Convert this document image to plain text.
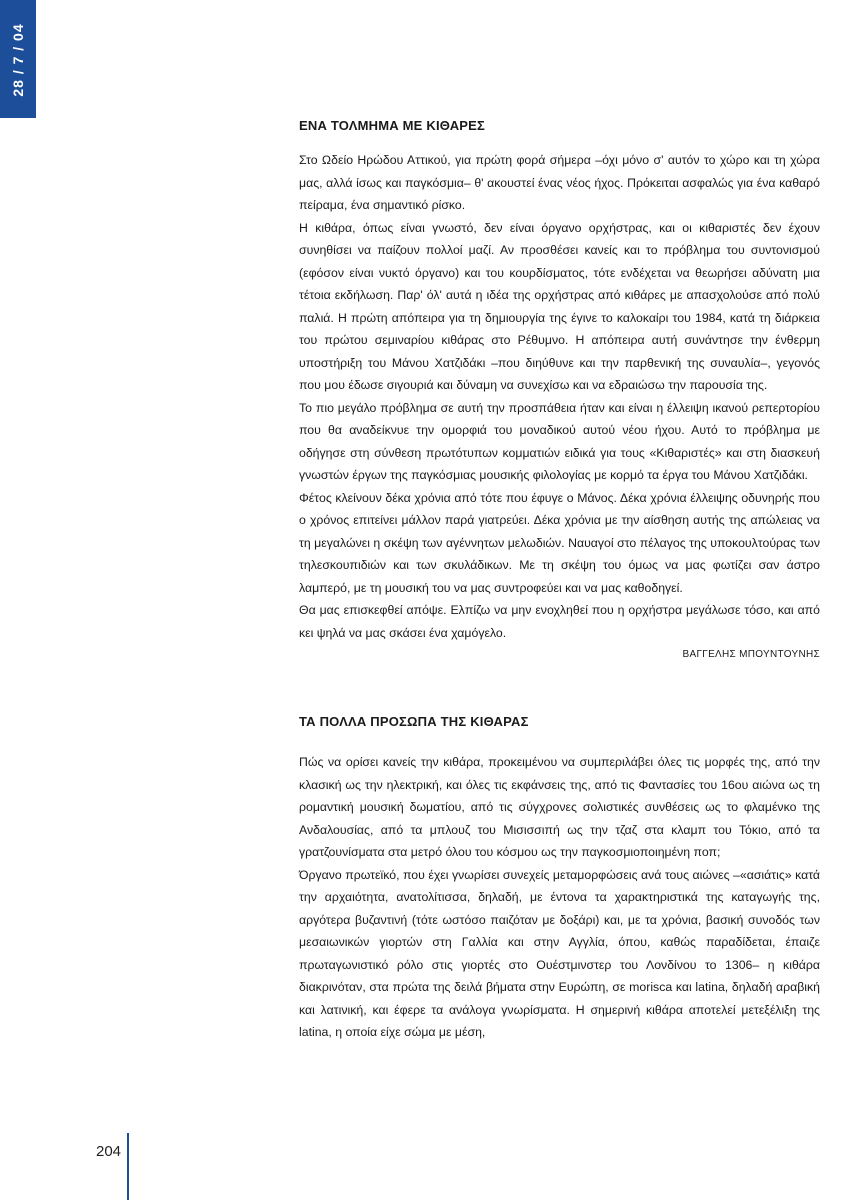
28 / 7 / 04
ΕΝΑ ΤΟΛΜΗΜΑ ΜΕ ΚΙΘΑΡΕΣ

Στο Ωδείο Ηρώδου Αττικού, για πρώτη φορά σήμερα –όχι μόνο σ' αυτόν το χώρο και τη χώρα μας, αλλά ίσως και παγκόσμια– θ' ακουστεί ένας νέος ήχος. Πρόκειται ασφαλώς για ένα καθαρό πείραμα, ένα σημαντικό ρίσκο.

Η κιθάρα, όπως είναι γνωστό, δεν είναι όργανο ορχήστρας, και οι κιθαριστές δεν έχουν συνηθίσει να παίζουν πολλοί μαζί. Αν προσθέσει κανείς και το πρόβλημα του συντονισμού (εφόσον είναι νυκτό όργανο) και του κουρδίσματος, τότε ενδέχεται να θεωρήσει αδύνατη μια τέτοια εκδήλωση. Παρ' όλ' αυτά η ιδέα της ορχήστρας από κιθάρες με απασχολούσε από πολύ παλιά. Η πρώτη απόπειρα για τη δημιουργία της έγινε το καλοκαίρι του 1984, κατά τη διάρκεια του πρώτου σεμιναρίου κιθάρας στο Ρέθυμνο. Η απόπειρα αυτή συνάντησε την ένθερμη υποστήριξη του Μάνου Χατζιδάκι –που διηύθυνε και την παρθενική της συναυλία–, γεγονός που μου έδωσε σιγουριά και δύναμη να συνεχίσω και να εδραιώσω την παρουσία της.

Το πιο μεγάλο πρόβλημα σε αυτή την προσπάθεια ήταν και είναι η έλλειψη ικανού ρεπερτορίου που θα αναδείκνυε την ομορφιά του μοναδικού αυτού νέου ήχου. Αυτό το πρόβλημα με οδήγησε στη σύνθεση πρωτότυπων κομματιών ειδικά για τους «Κιθαριστές» και στη διασκευή γνωστών έργων της παγκόσμιας μουσικής φιλολογίας με κορμό τα έργα του Μάνου Χατζιδάκι.

Φέτος κλείνουν δέκα χρόνια από τότε που έφυγε ο Μάνος. Δέκα χρόνια έλλειψης οδυνηρής που ο χρόνος επιτείνει μάλλον παρά γιατρεύει. Δέκα χρόνια με την αίσθηση αυτής της απώλειας να τη μεγαλώνει η σκέψη των αγέννητων μελωδιών. Ναυαγοί στο πέλαγος της υποκουλτούρας των τηλεσκουπιδιών και των σκυλάδικων. Με τη σκέψη του όμως να μας φωτίζει σαν άστρο λαμπερό, με τη μουσική του να μας συντροφεύει και να μας καθοδηγεί.

Θα μας επισκεφθεί απόψε. Ελπίζω να μην ενοχληθεί που η ορχήστρα μεγάλωσε τόσο, και από κει ψηλά να μας σκάσει ένα χαμόγελο.

ΒΑΓΓΕΛΗΣ ΜΠΟΥΝΤΟΥΝΗΣ
ΤΑ ΠΟΛΛΑ ΠΡΟΣΩΠΑ ΤΗΣ ΚΙΘΑΡΑΣ

Πώς να ορίσει κανείς την κιθάρα, προκειμένου να συμπεριλάβει όλες τις μορφές της, από την κλασική ως την ηλεκτρική, και όλες τις εκφάνσεις της, από τις Φαντασίες του 16ου αιώνα ως τη ρομαντική μουσική δωματίου, από τις σύγχρονες σολιστικές συνθέσεις ως το φλαμένκο της Ανδαλουσίας, από τα μπλουζ του Μισισσιπή ως την τζαζ στα κλαμπ του Τόκιο, από τα γρατζουνίσματα στα μετρό όλου του κόσμου ως την παγκοσμιοποιημένη ποπ;

Όργανο πρωτεϊκό, που έχει γνωρίσει συνεχείς μεταμορφώσεις ανά τους αιώνες –«ασιάτις» κατά την αρχαιότητα, ανατολίτισσα, δηλαδή, με έντονα τα χαρακτηριστικά της καταγωγής της, αργότερα βυζαντινή (τότε ωστόσο παιζόταν με δοξάρι) και, με τα χρόνια, βασική συνοδός των μεσαιωνικών γιορτών στη Γαλλία και στην Αγγλία, όπου, καθώς παραδίδεται, έπαιζε πρωταγωνιστικό ρόλο στις γιορτές στο Ουέστμινστερ του Λονδίνου το 1306– η κιθάρα διακρινόταν, στα πρώτα της δειλά βήματα στην Ευρώπη, σε morisca και latina, δηλαδή αραβική και λατινική, και έφερε τα ανάλογα γνωρίσματα. Η σημερινή κιθάρα αποτελεί μετεξέλιξη της latina, η οποία είχε σώμα με μέση,

204
